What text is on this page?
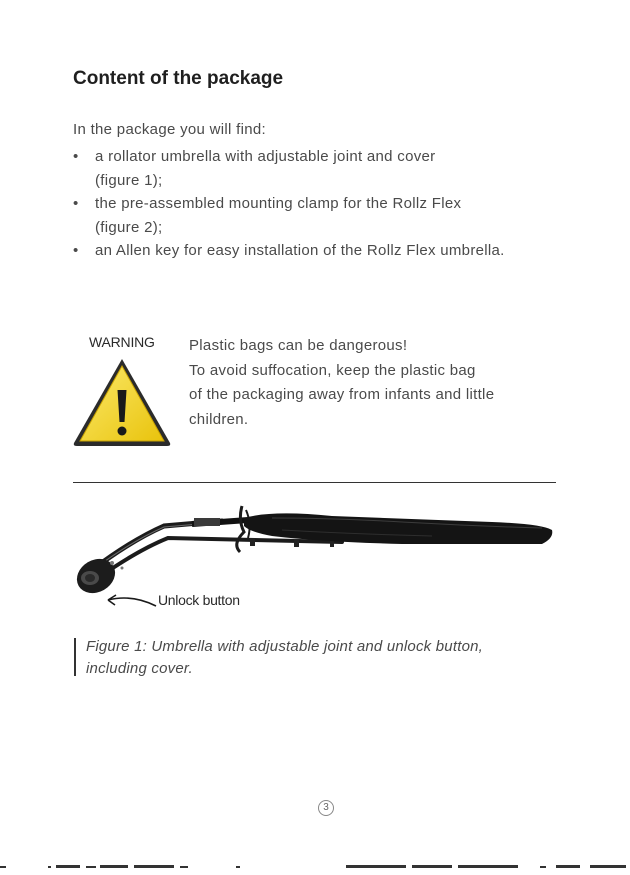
Content of the package
In the package you will find:
• a rollator umbrella with adjustable joint and cover
(figure 1);
• the pre-assembled mounting clamp for the Rollz Flex
(figure 2);
• an Allen key for easy installation of the Rollz Flex umbrella.
WARNING Plastic bags can be dangerous!
To avoid suffocation, keep the plastic bag
of the packaging away from infants and little
children.
Unlock button
Figure 1: Umbrella with adjustable joint and unlock button,
including cover.
3
